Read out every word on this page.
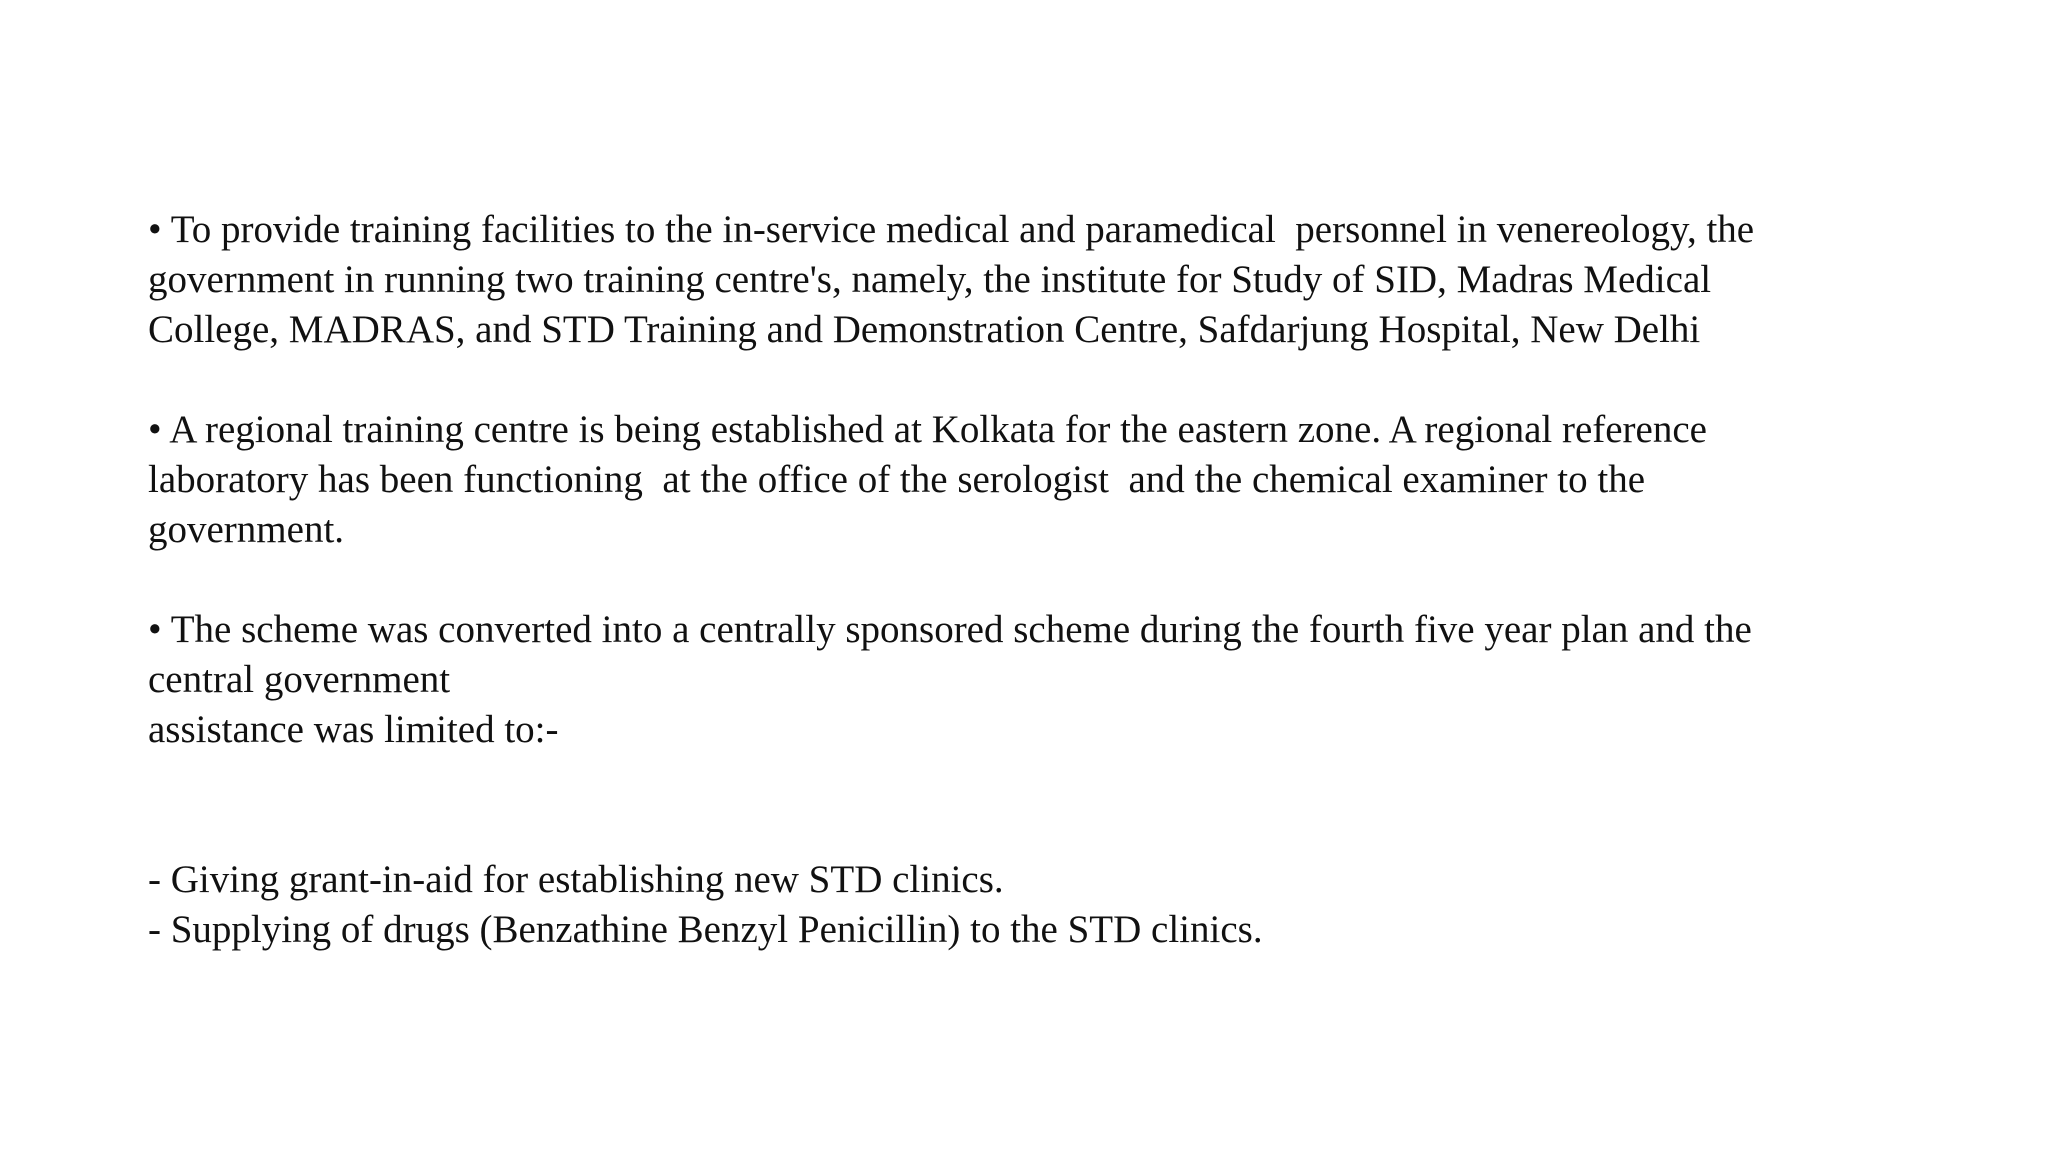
• To provide training facilities to the in-service medical and paramedical  personnel in venereology, the
government in running two training centre's, namely, the institute for Study of SID, Madras Medical
College, MADRAS, and STD Training and Demonstration Centre, Safdarjung Hospital, New Delhi
• A regional training centre is being established at Kolkata for the eastern zone. A regional reference
laboratory has been functioning  at the office of the serologist  and the chemical examiner to the
government.
• The scheme was converted into a centrally sponsored scheme during the fourth five year plan and the
central government
assistance was limited to:-
- Giving grant-in-aid for establishing new STD clinics.
- Supplying of drugs (Benzathine Benzyl Penicillin) to the STD clinics.
